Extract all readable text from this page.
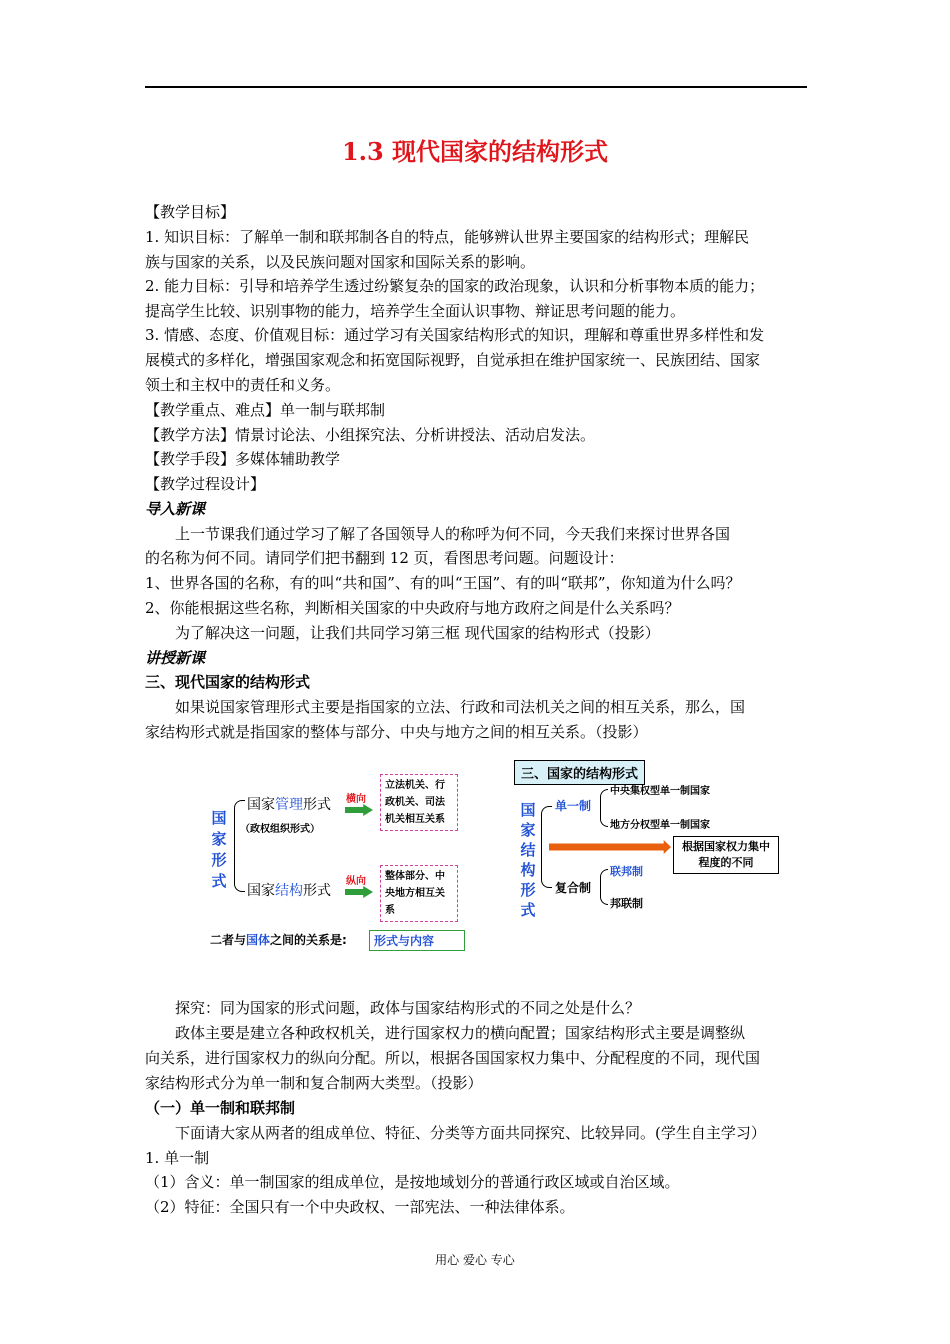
1.3 现代国家的结构形式
【教学目标】
1. 知识目标：了解单一制和联邦制各自的特点，能够辨认世界主要国家的结构形式；理解民
族与国家的关系，以及民族问题对国家和国际关系的影响。
2. 能力目标：引导和培养学生透过纷繁复杂的国家的政治现象，认识和分析事物本质的能力；
提高学生比较、识别事物的能力，培养学生全面认识事物、辩证思考问题的能力。
3. 情感、态度、价值观目标：通过学习有关国家结构形式的知识，理解和尊重世界多样性和发
展模式的多样化，增强国家观念和拓宽国际视野，自觉承担在维护国家统一、民族团结、国家
领土和主权中的责任和义务。
【教学重点、难点】单一制与联邦制
【教学方法】情景讨论法、小组探究法、分析讲授法、活动启发法。
【教学手段】多媒体辅助教学
【教学过程设计】
导入新课
上一节课我们通过学习了解了各国领导人的称呼为何不同，今天我们来探讨世界各国
的名称为何不同。请同学们把书翻到 12 页，看图思考问题。问题设计：
1、世界各国的名称，有的叫“共和国”、有的叫“王国”、有的叫“联邦”，你知道为什么吗？
2、你能根据这些名称，判断相关国家的中央政府与地方政府之间是什么关系吗？
为了解决这一问题，让我们共同学习第三框 现代国家的结构形式（投影）
讲授新课
三、现代国家的结构形式
如果说国家管理形式主要是指国家的立法、行政和司法机关之间的相互关系，那么，国
家结构形式就是指国家的整体与部分、中央与地方之间的相互关系。（投影）
国家形式
国家管理形式
（政权组织形式）
横向
立法机关、行政机关、司法机关相互关系
国家结构形式
纵向	整体部分、中央地方相互关系
二者与国体之间的关系是:	形式与内容
三、国家的结构形式
国家结构形式
单一制
中央集权型单一制国家
地方分权型单一制国家
根据国家权力集中程度的不同
复合制
联邦制
邦联制
探究：同为国家的形式问题，政体与国家结构形式的不同之处是什么？
政体主要是建立各种政权机关，进行国家权力的横向配置；国家结构形式主要是调整纵
向关系，进行国家权力的纵向分配。所以，根据各国国家权力集中、分配程度的不同，现代国
家结构形式分为单一制和复合制两大类型。（投影）
（一）单一制和联邦制
下面请大家从两者的组成单位、特征、分类等方面共同探究、比较异同。(学生自主学习）
1. 单一制
（1）含义：单一制国家的组成单位，是按地域划分的普通行政区域或自治区域。
（2）特征：全国只有一个中央政权、一部宪法、一种法律体系。
用心 爱心 专心
